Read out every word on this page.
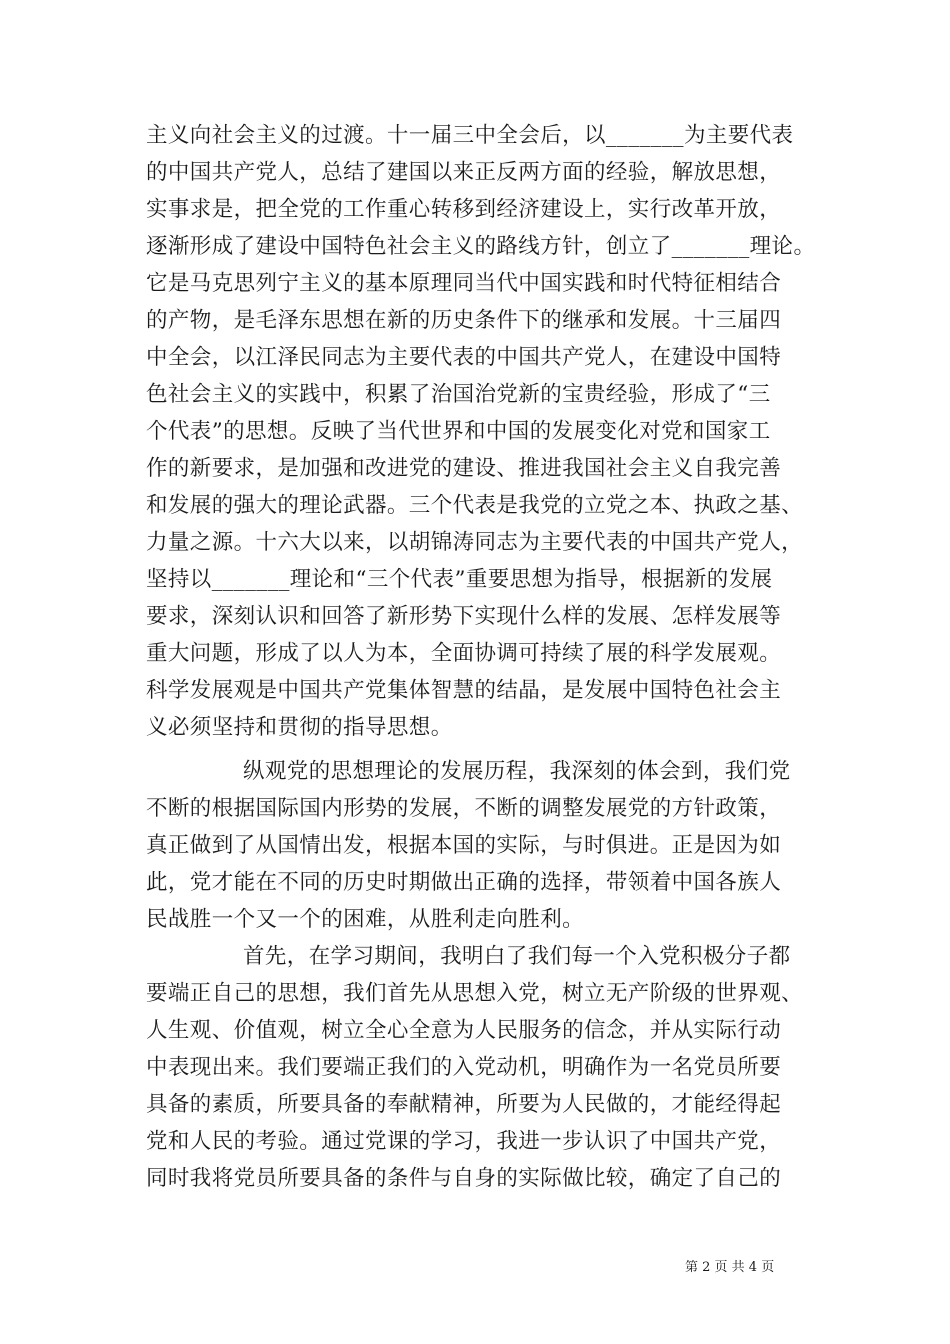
主义向社会主义的过渡。十一届三中全会后，以_______为主要代表
的中国共产党人，总结了建国以来正反两方面的经验，解放思想，
实事求是，把全党的工作重心转移到经济建设上，实行改革开放，
逐渐形成了建设中国特色社会主义的路线方针，创立了_______理论。
它是马克思列宁主义的基本原理同当代中国实践和时代特征相结合
的产物，是毛泽东思想在新的历史条件下的继承和发展。十三届四
中全会，以江泽民同志为主要代表的中国共产党人，在建设中国特
色社会主义的实践中，积累了治国治党新的宝贵经验，形成了“三
个代表”的思想。反映了当代世界和中国的发展变化对党和国家工
作的新要求，是加强和改进党的建设、推进我国社会主义自我完善
和发展的强大的理论武器。三个代表是我党的立党之本、执政之基、
力量之源。十六大以来，以胡锦涛同志为主要代表的中国共产党人，
坚持以_______理论和“三个代表”重要思想为指导，根据新的发展
要求，深刻认识和回答了新形势下实现什么样的发展、怎样发展等
重大问题，形成了以人为本，全面协调可持续了展的科学发展观。
科学发展观是中国共产党集体智慧的结晶，是发展中国特色社会主
义必须坚持和贯彻的指导思想。
纵观党的思想理论的发展历程，我深刻的体会到，我们党
不断的根据国际国内形势的发展，不断的调整发展党的方针政策，
真正做到了从国情出发，根据本国的实际，与时俱进。正是因为如
此，党才能在不同的历史时期做出正确的选择，带领着中国各族人
民战胜一个又一个的困难，从胜利走向胜利。
首先，在学习期间，我明白了我们每一个入党积极分子都
要端正自己的思想，我们首先从思想入党，树立无产阶级的世界观、
人生观、价值观，树立全心全意为人民服务的信念，并从实际行动
中表现出来。我们要端正我们的入党动机，明确作为一名党员所要
具备的素质，所要具备的奉献精神，所要为人民做的，才能经得起
党和人民的考验。通过党课的学习，我进一步认识了中国共产党，
同时我将党员所要具备的条件与自身的实际做比较，确定了自己的
第 2 页 共 4 页
